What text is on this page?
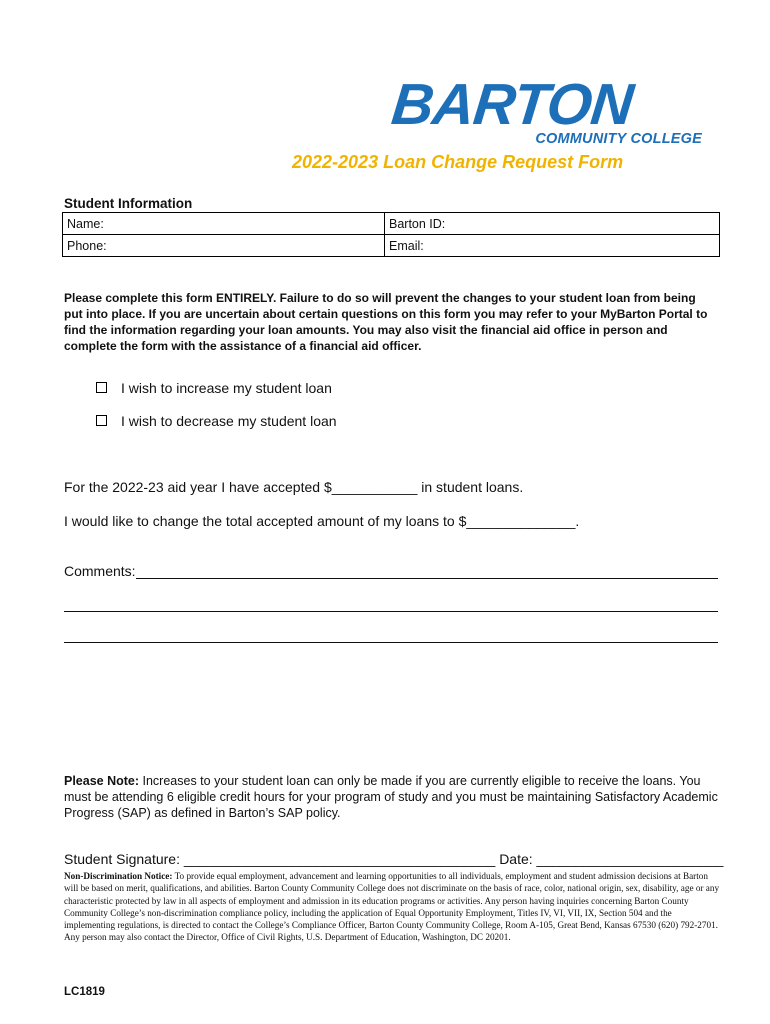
BARTON
COMMUNITY COLLEGE
2022-2023 Loan Change Request Form
Student Information
Name:	Barton ID:
Phone:	Email:
Please complete this form ENTIRELY. Failure to do so will prevent the changes to your student loan from being put into place. If you are uncertain about certain questions on this form you may refer to your MyBarton Portal to find the information regarding your loan amounts. You may also visit the financial aid office in person and complete the form with the assistance of a financial aid officer.
I wish to increase my student loan
I wish to decrease my student loan
For the 2022-23 aid year I have accepted $___________ in student loans.
I would like to change the total accepted amount of my loans to $______________.
Comments:
Please Note: Increases to your student loan can only be made if you are currently eligible to receive the loans. You must be attending 6 eligible credit hours for your program of study and you must be maintaining Satisfactory Academic Progress (SAP) as defined in Barton’s SAP policy.
Student Signature: ________________________________________ Date: ________________________
Non-Discrimination Notice: To provide equal employment, advancement and learning opportunities to all individuals, employment and student admission decisions at Barton will be based on merit, qualifications, and abilities. Barton County Community College does not discriminate on the basis of race, color, national origin, sex, disability, age or any characteristic protected by law in all aspects of employment and admission in its education programs or activities. Any person having inquiries concerning Barton County Community College’s non-discrimination compliance policy, including the application of Equal Opportunity Employment, Titles IV, VI, VII, IX, Section 504 and the implementing regulations, is directed to contact the College’s Compliance Officer, Barton County Community College, Room A-105, Great Bend, Kansas 67530 (620) 792-2701. Any person may also contact the Director, Office of Civil Rights, U.S. Department of Education, Washington, DC 20201.
LC1819
